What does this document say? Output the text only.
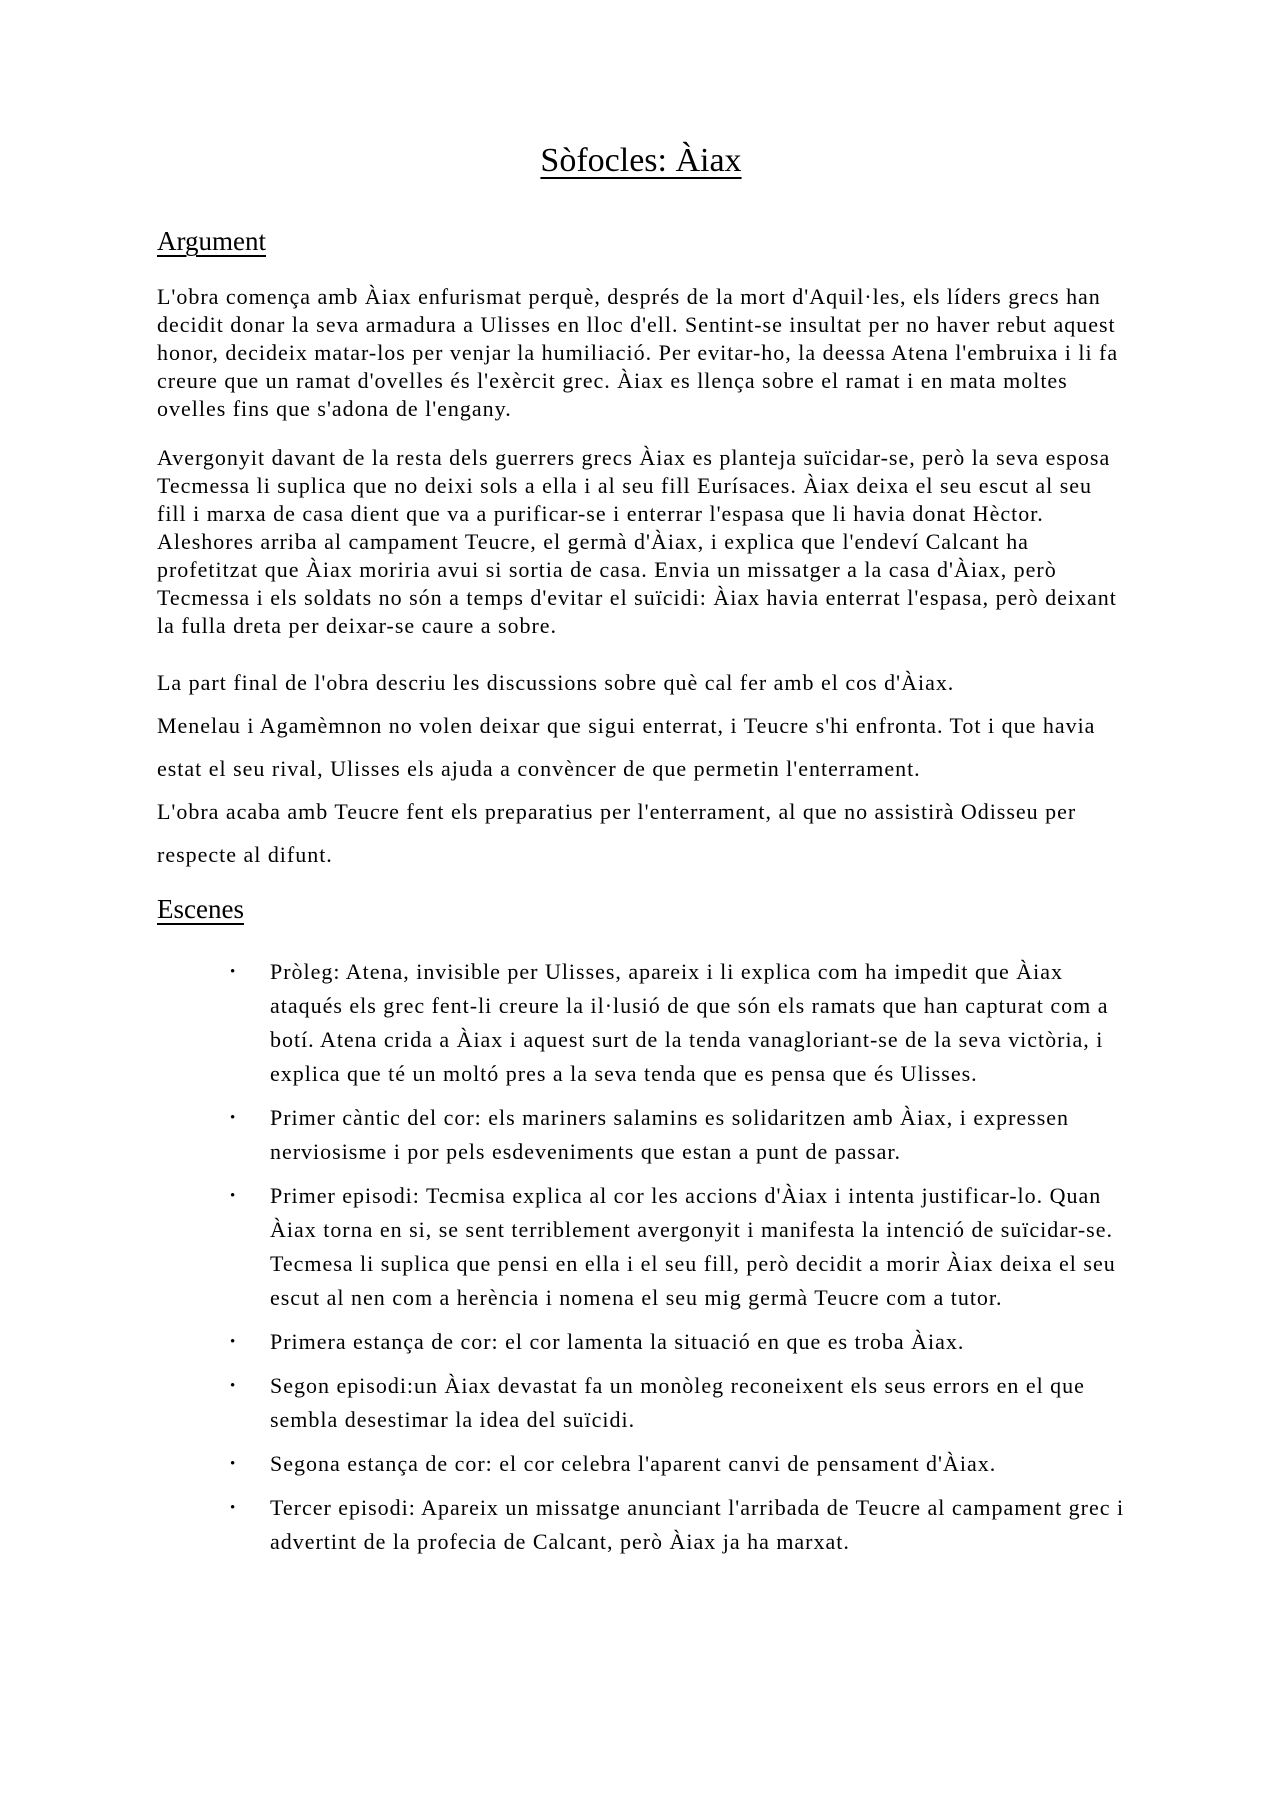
Sòfocles: Àiax
Argument

L'obra comença amb Àiax enfurismat perquè, després de la mort d'Aquil·les, els líders grecs han decidit donar la seva armadura a Ulisses en lloc d'ell. Sentint-se insultat per no haver rebut aquest honor, decideix matar-los per venjar la humiliació. Per evitar-ho, la deessa Atena l'embruixa i li fa creure que un ramat d'ovelles és l'exèrcit grec. Àiax es llença sobre el ramat i en mata moltes ovelles fins que s'adona de l'engany.

Avergonyit davant de la resta dels guerrers grecs Àiax es planteja suïcidar-se, però la seva esposa Tecmessa li suplica que no deixi sols a ella i al seu fill Eurísaces. Àiax deixa el seu escut al seu fill i marxa de casa dient que va a purificar-se i enterrar l'espasa que li havia donat Hèctor. Aleshores arriba al campament Teucre, el germà d'Àiax, i explica que l'endeví Calcant ha profetitzat que Àiax moriria avui si sortia de casa. Envia un missatger a la casa d'Àiax, però Tecmessa i els soldats no són a temps d'evitar el suïcidi: Àiax havia enterrat l'espasa, però deixant la fulla dreta per deixar-se caure a sobre.

La part final de l'obra descriu les discussions sobre què cal fer amb el cos d'Àiax.

Menelau i Agamèmnon no volen deixar que sigui enterrat, i Teucre s'hi enfronta. Tot i que havia estat el seu rival, Ulisses els ajuda a convèncer de que permetin l'enterrament.

L'obra acaba amb Teucre fent els preparatius per l'enterrament, al que no assistirà Odisseu per respecte al difunt.

Escenes
• Pròleg: Atena, invisible per Ulisses, apareix i li explica com ha impedit que Àiax ataqués els grec fent-li creure la il·lusió de que són els ramats que han capturat com a botí. Atena crida a Àiax i aquest surt de la tenda vanagloriant-se de la seva victòria, i explica que té un moltó pres a la seva tenda que es pensa que és Ulisses.
• Primer càntic del cor: els mariners salamins es solidaritzen amb Àiax, i expressen nerviosisme i por pels esdeveniments que estan a punt de passar.
• Primer episodi: Tecmisa explica al cor les accions d'Àiax i intenta justificar-lo. Quan Àiax torna en si, se sent terriblement avergonyit i manifesta la intenció de suïcidar-se. Tecmesa li suplica que pensi en ella i el seu fill, però decidit a morir Àiax deixa el seu escut al nen com a herència i nomena el seu mig germà Teucre com a tutor.
• Primera estança de cor: el cor lamenta la situació en que es troba Àiax.
• Segon episodi:un Àiax devastat fa un monòleg reconeixent els seus errors en el que sembla desestimar la idea del suïcidi.
• Segona estança de cor: el cor celebra l'aparent canvi de pensament d'Àiax.
• Tercer episodi: Apareix un missatge anunciant l'arribada de Teucre al campament grec i advertint de la profecia de Calcant, però Àiax ja ha marxat.
